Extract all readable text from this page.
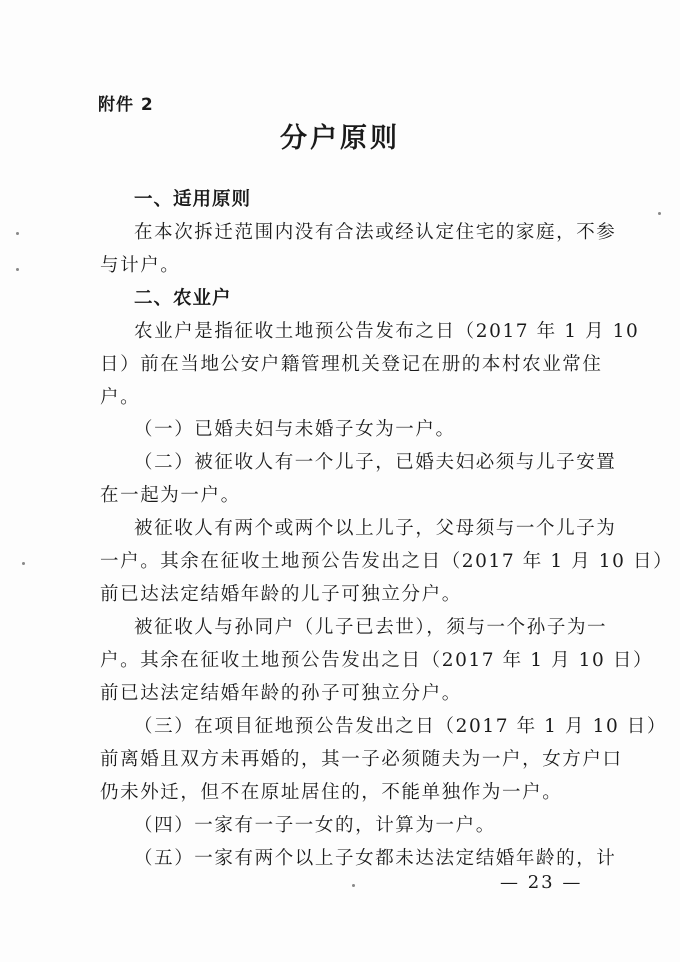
附件 2
分户原则
一、适用原则
在本次拆迁范围内没有合法或经认定住宅的家庭，不参
与计户。
二、农业户
农业户是指征收土地预公告发布之日（2017 年 1 月 10
日）前在当地公安户籍管理机关登记在册的本村农业常住
户。
（一）已婚夫妇与未婚子女为一户。
（二）被征收人有一个儿子，已婚夫妇必须与儿子安置
在一起为一户。
被征收人有两个或两个以上儿子，父母须与一个儿子为
一户。其余在征收土地预公告发出之日（2017 年 1 月 10 日）
前已达法定结婚年龄的儿子可独立分户。
被征收人与孙同户（儿子已去世），须与一个孙子为一
户。其余在征收土地预公告发出之日（2017 年 1 月 10 日）
前已达法定结婚年龄的孙子可独立分户。
（三）在项目征地预公告发出之日（2017 年 1 月 10 日）
前离婚且双方未再婚的，其一子必须随夫为一户，女方户口
仍未外迁，但不在原址居住的，不能单独作为一户。
（四）一家有一子一女的，计算为一户。
（五）一家有两个以上子女都未达法定结婚年龄的，计
— 23 —
